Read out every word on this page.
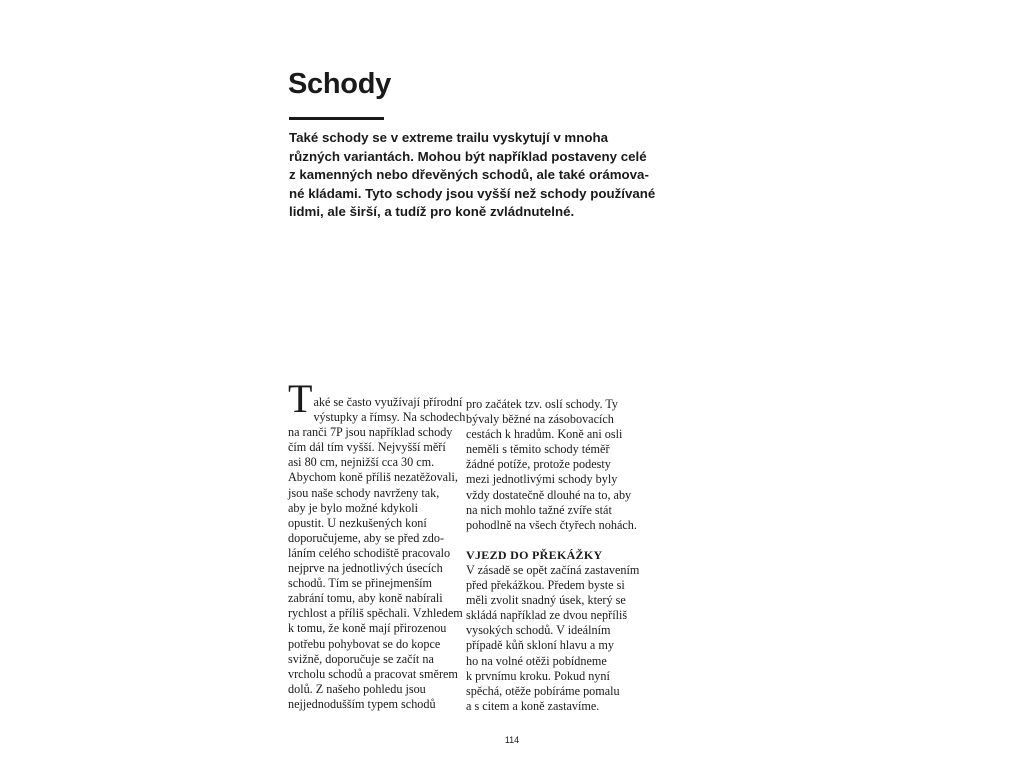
Schody
Také schody se v extreme trailu vyskytují v mnoha
různých variantách. Mohou být například postaveny celé
z kamenných nebo dřevěných schodů, ale také orámova-
né kládami. Tyto schody jsou vyšší než schody používané
lidmi, ale širší, a tudíž pro koně zvládnutelné.
T aké se často využívají přírodní
výstupky a římsy. Na schodech
na ranči 7P jsou například schody
čím dál tím vyšší. Nejvyšší měří
asi 80 cm, nejnižší cca 30 cm.
Abychom koně příliš nezatěžovali,
jsou naše schody navrženy tak,
aby je bylo možné kdykoli
opustit. U nezkušených koní
doporučujeme, aby se před zdo-
láním celého schodiště pracovalo
nejprve na jednotlivých úsecích
schodů. Tím se přinejmenším
zabrání tomu, aby koně nabírali
rychlost a příliš spěchali. Vzhledem
k tomu, že koně mají přirozenou
potřebu pohybovat se do kopce
svižně, doporučuje se začít na
vrcholu schodů a pracovat směrem
dolů. Z našeho pohledu jsou
nejjednodušším typem schodů
pro začátek tzv. oslí schody. Ty
bývaly běžné na zásobovacích
cestách k hradům. Koně ani osli
neměli s těmito schody téměř
žádné potíže, protože podesty
mezi jednotlivými schody byly
vždy dostatečně dlouhé na to, aby
na nich mohlo tažné zvíře stát
pohodlně na všech čtyřech nohách.
VJEZD DO PŘEKÁŽKY
V zásadě se opět začíná zastavením
před překážkou. Předem byste si
měli zvolit snadný úsek, který se
skládá například ze dvou nepříliš
vysokých schodů. V ideálním
případě kůň skloní hlavu a my
ho na volné otěži pobídneme
k prvnímu kroku. Pokud nyní
spěchá, otěže pobíráme pomalu
a s citem a koně zastavíme.
114
